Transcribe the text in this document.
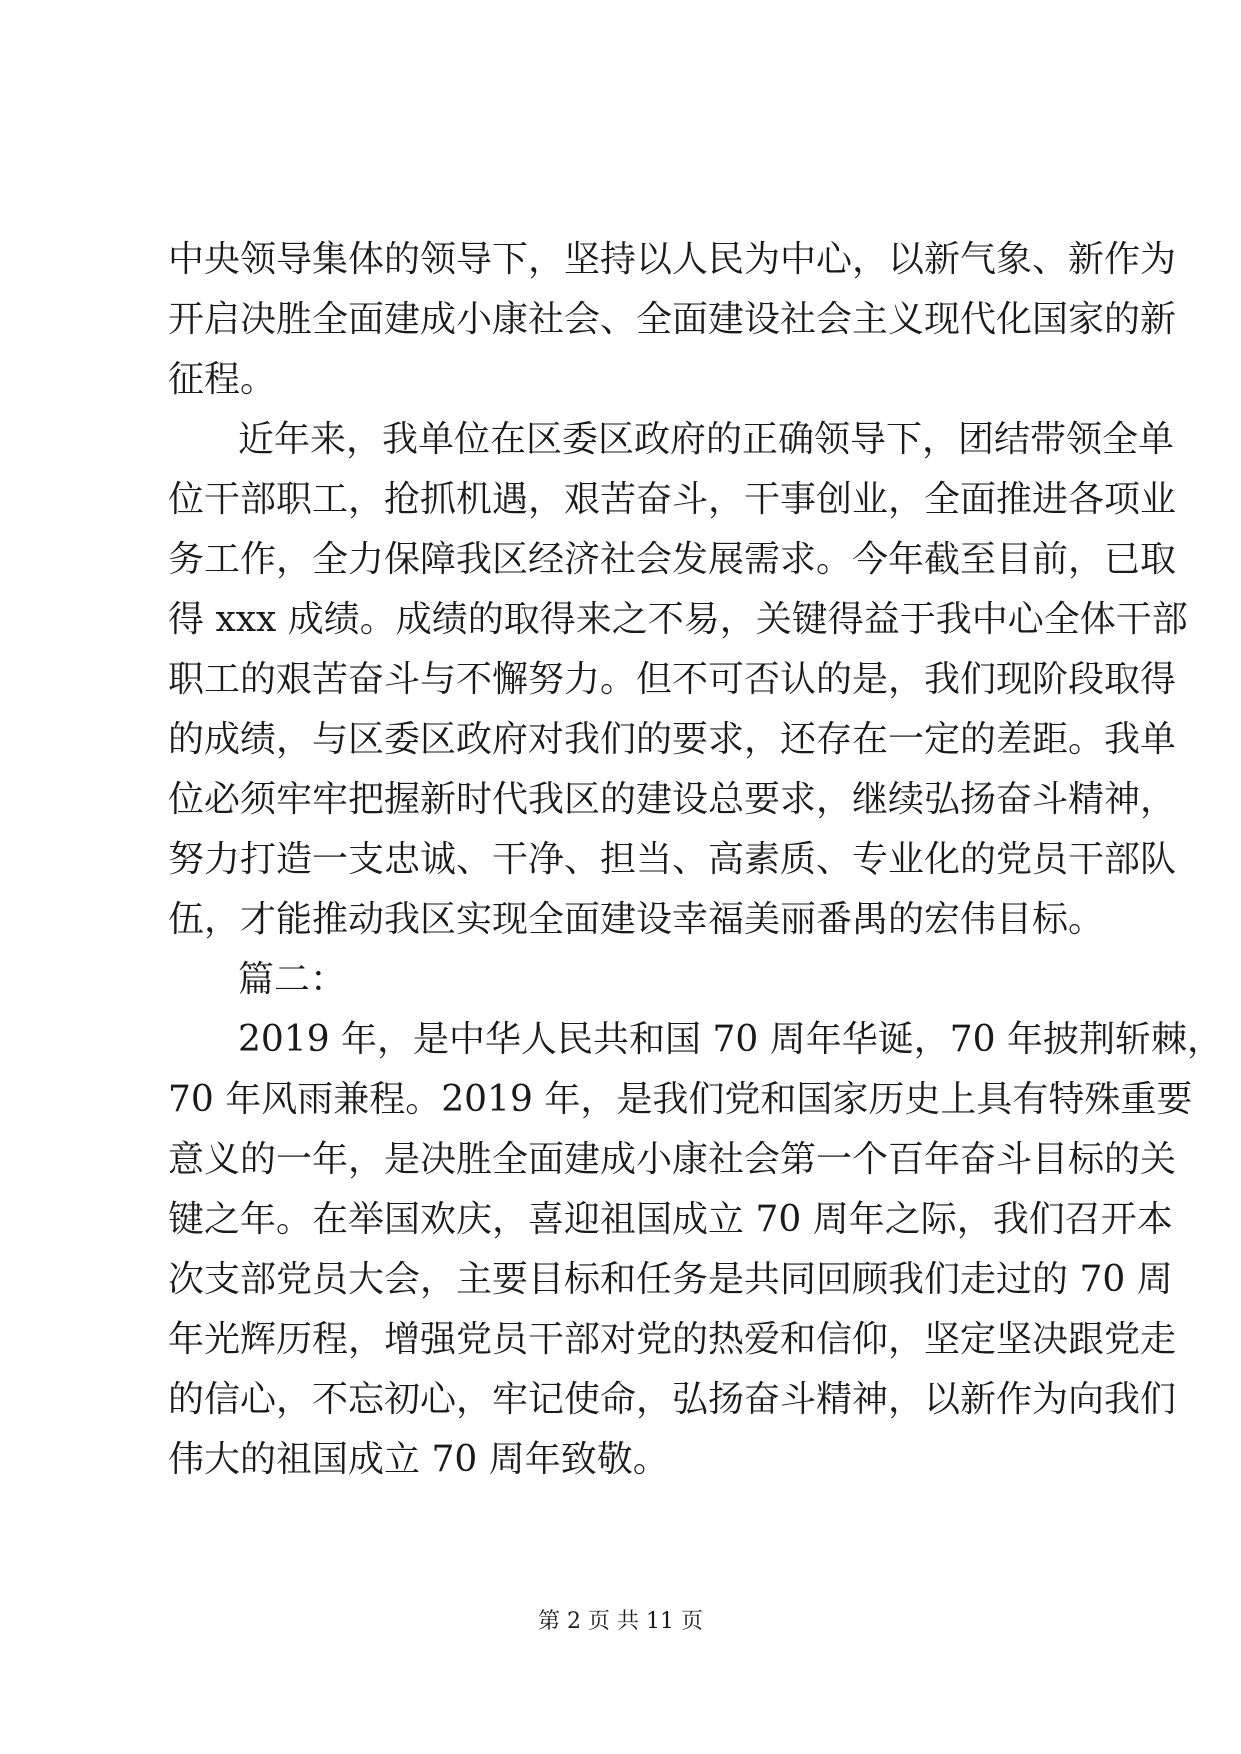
中央领导集体的领导下，坚持以人民为中心，以新气象、新作为
开启决胜全面建成小康社会、全面建设社会主义现代化国家的新
征程。
近年来，我单位在区委区政府的正确领导下，团结带领全单
位干部职工，抢抓机遇，艰苦奋斗，干事创业，全面推进各项业
务工作，全力保障我区经济社会发展需求。今年截至目前，已取
得 xxx 成绩。成绩的取得来之不易，关键得益于我中心全体干部
职工的艰苦奋斗与不懈努力。但不可否认的是，我们现阶段取得
的成绩，与区委区政府对我们的要求，还存在一定的差距。我单
位必须牢牢把握新时代我区的建设总要求，继续弘扬奋斗精神，
努力打造一支忠诚、干净、担当、高素质、专业化的党员干部队
伍，才能推动我区实现全面建设幸福美丽番禺的宏伟目标。
篇二：
2019 年，是中华人民共和国 70 周年华诞，70 年披荆斩棘，
70 年风雨兼程。2019 年，是我们党和国家历史上具有特殊重要
意义的一年，是决胜全面建成小康社会第一个百年奋斗目标的关
键之年。在举国欢庆，喜迎祖国成立 70 周年之际，我们召开本
次支部党员大会，主要目标和任务是共同回顾我们走过的 70 周
年光辉历程，增强党员干部对党的热爱和信仰，坚定坚决跟党走
的信心，不忘初心，牢记使命，弘扬奋斗精神，以新作为向我们
伟大的祖国成立 70 周年致敬。
第 2 页 共 11 页
